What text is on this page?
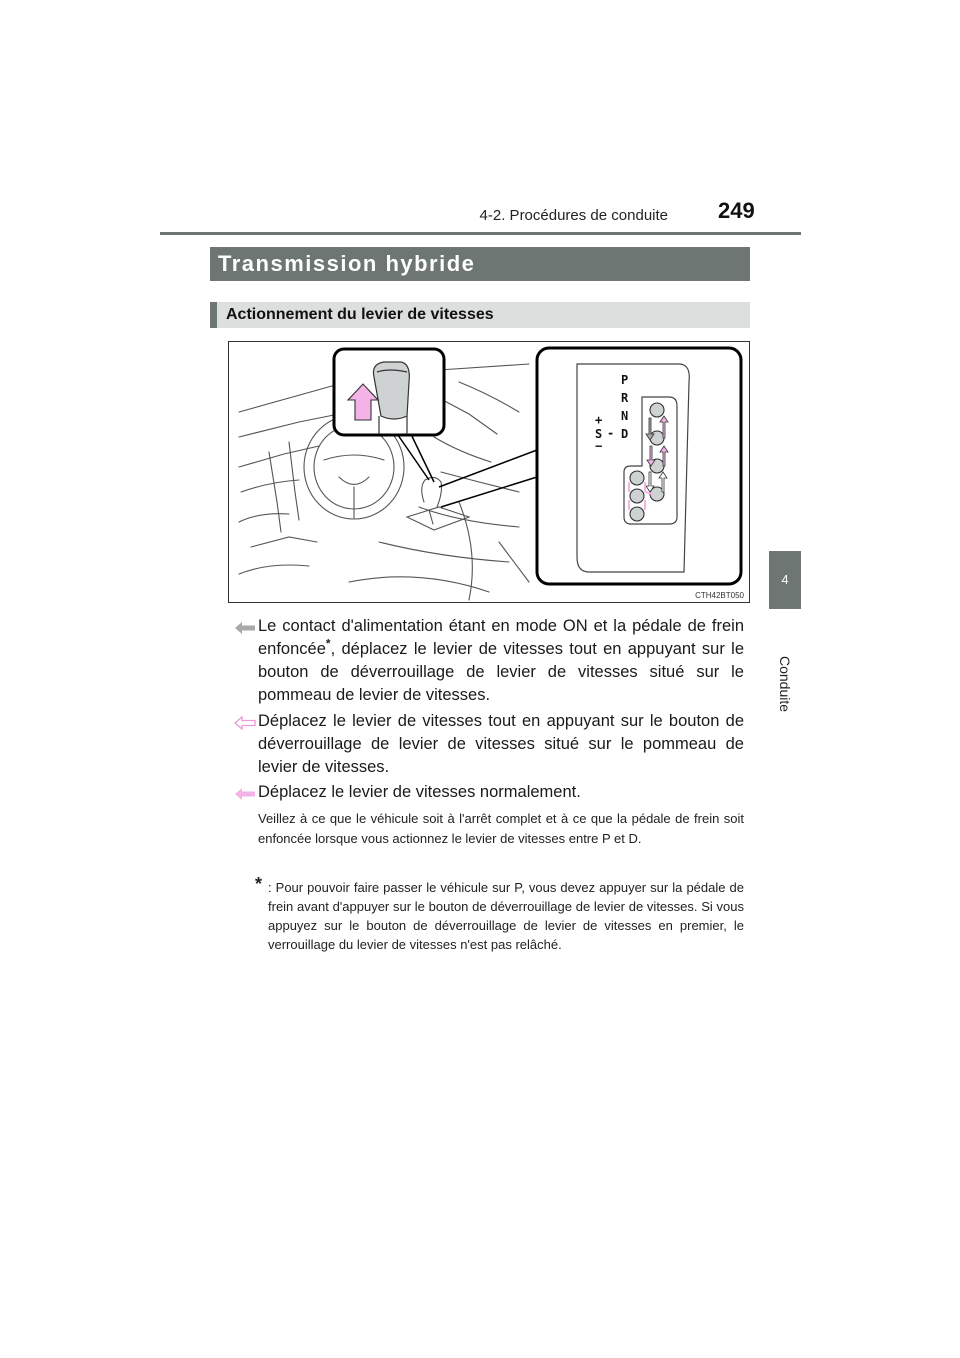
4-2. Procédures de conduite 249
4
Conduite
Transmission hybride
Actionnement du levier de vitesses
P
R
N
D
+
S -
−
CTH42BT050
Le contact d'alimentation étant en mode ON et la pédale de frein enfoncée*, déplacez le levier de vitesses tout en appuyant sur le bouton de déverrouillage de levier de vitesses situé sur le pommeau de levier de vitesses.
Déplacez le levier de vitesses tout en appuyant sur le bouton de déverrouillage de levier de vitesses situé sur le pommeau de levier de vitesses.
Déplacez le levier de vitesses normalement.
Veillez à ce que le véhicule soit à l'arrêt complet et à ce que la pédale de frein soit enfoncée lorsque vous actionnez le levier de vitesses entre P et D.
* : Pour pouvoir faire passer le véhicule sur P, vous devez appuyer sur la pédale de frein avant d'appuyer sur le bouton de déverrouillage de levier de vitesses. Si vous appuyez sur le bouton de déverrouillage de levier de vitesses en premier, le verrouillage du levier de vitesses n'est pas relâché.
